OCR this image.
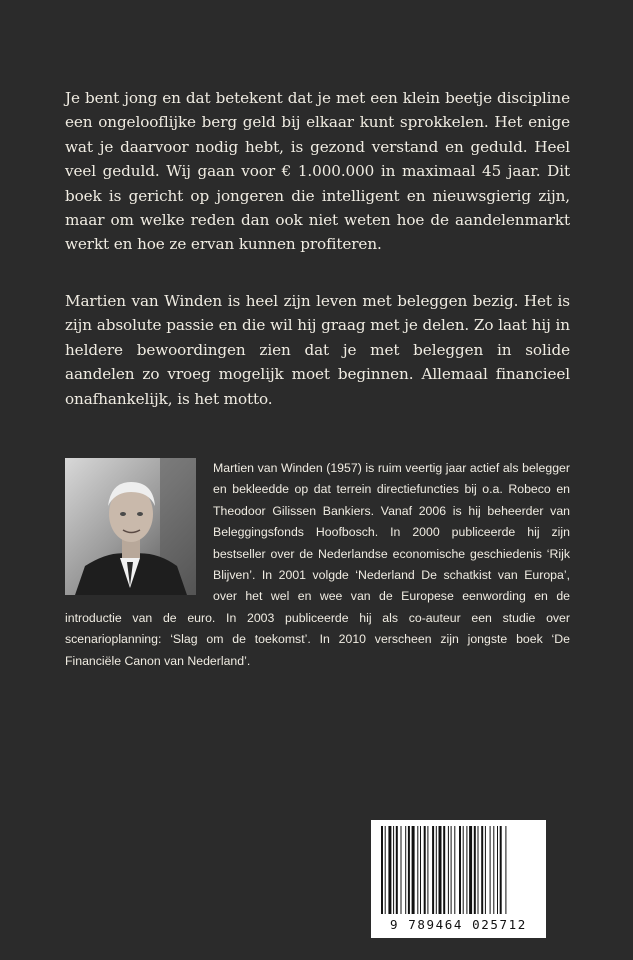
Je bent jong en dat betekent dat je met een klein beetje discipline een ongelooflijke berg geld bij elkaar kunt sprokkelen. Het enige wat je daarvoor nodig hebt, is gezond verstand en geduld. Heel veel geduld. Wij gaan voor € 1.000.000 in maximaal 45 jaar. Dit boek is gericht op jongeren die intelligent en nieuwsgierig zijn, maar om welke reden dan ook niet weten hoe de aandelenmarkt werkt en hoe ze ervan kunnen profiteren.

Martien van Winden is heel zijn leven met beleggen bezig. Het is zijn absolute passie en die wil hij graag met je delen. Zo laat hij in heldere bewoordingen zien dat je met beleggen in solide aandelen zo vroeg mogelijk moet beginnen. Allemaal financieel onafhankelijk, is het motto.

Martien van Winden (1957) is ruim veertig jaar actief als belegger en bekleedde op dat terrein directiefuncties bij o.a. Robeco en Theodoor Gilissen Bankiers. Vanaf 2006 is hij beheerder van Beleggingsfonds Hoofbosch. In 2000 publiceerde hij zijn bestseller over de Nederlandse economische geschiedenis ‘Rijk Blijven’. In 2001 volgde ‘Nederland De schatkist van Europa’, over het wel en wee van de Europese eenwording en de introductie van de euro. In 2003 publiceerde hij als co-auteur een studie over scenarioplanning: ‘Slag om de toekomst’. In 2010 verscheen zijn jongste boek ‘De Financiële Canon van Nederland’.
9 789464 025712
